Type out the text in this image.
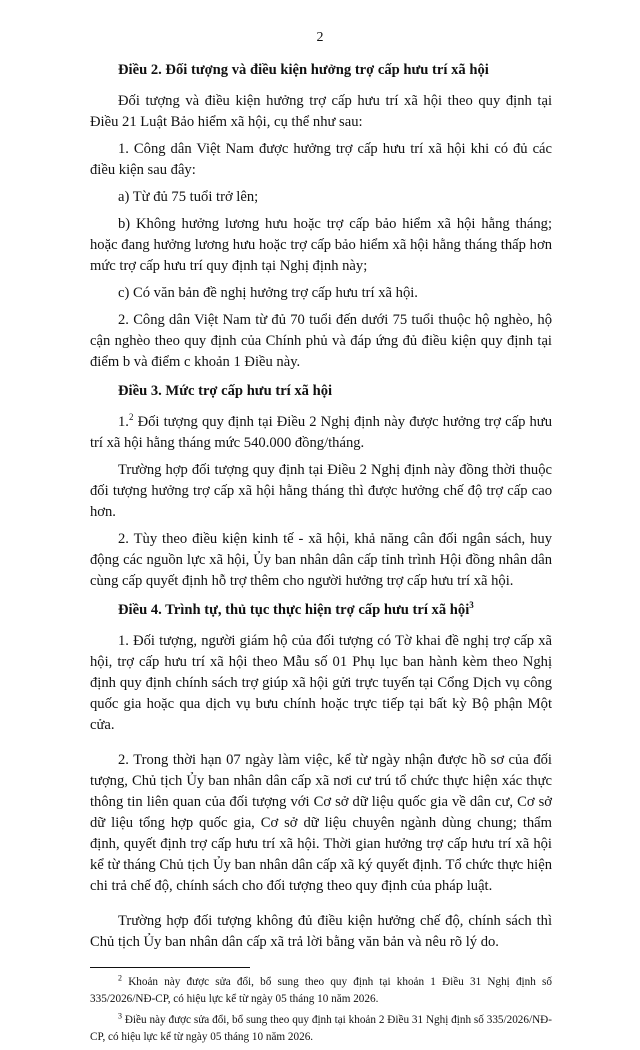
2

Điều 2. Đối tượng và điều kiện hưởng trợ cấp hưu trí xã hội

Đối tượng và điều kiện hưởng trợ cấp hưu trí xã hội theo quy định tại Điều 21 Luật Bảo hiểm xã hội, cụ thể như sau:

1. Công dân Việt Nam được hưởng trợ cấp hưu trí xã hội khi có đủ các điều kiện sau đây:

a) Từ đủ 75 tuổi trở lên;

b) Không hưởng lương hưu hoặc trợ cấp bảo hiểm xã hội hằng tháng; hoặc đang hưởng lương hưu hoặc trợ cấp bảo hiểm xã hội hằng tháng thấp hơn mức trợ cấp hưu trí quy định tại Nghị định này;

c) Có văn bản đề nghị hưởng trợ cấp hưu trí xã hội.

2. Công dân Việt Nam từ đủ 70 tuổi đến dưới 75 tuổi thuộc hộ nghèo, hộ cận nghèo theo quy định của Chính phủ và đáp ứng đủ điều kiện quy định tại điểm b và điểm c khoản 1 Điều này.

Điều 3. Mức trợ cấp hưu trí xã hội

1.$^2$ Đối tượng quy định tại Điều 2 Nghị định này được hưởng trợ cấp hưu trí xã hội hằng tháng mức 540.000 đồng/tháng.

Trường hợp đối tượng quy định tại Điều 2 Nghị định này đồng thời thuộc đối tượng hưởng trợ cấp xã hội hằng tháng thì được hưởng chế độ trợ cấp cao hơn.

2. Tùy theo điều kiện kinh tế - xã hội, khả năng cân đối ngân sách, huy động các nguồn lực xã hội, Ủy ban nhân dân cấp tỉnh trình Hội đồng nhân dân cùng cấp quyết định hỗ trợ thêm cho người hưởng trợ cấp hưu trí xã hội.

Điều 4. Trình tự, thủ tục thực hiện trợ cấp hưu trí xã hội$^3$

1. Đối tượng, người giám hộ của đối tượng có Tờ khai đề nghị trợ cấp xã hội, trợ cấp hưu trí xã hội theo Mẫu số 01 Phụ lục ban hành kèm theo Nghị định quy định chính sách trợ giúp xã hội gửi trực tuyến tại Cổng Dịch vụ công quốc gia hoặc qua dịch vụ bưu chính hoặc trực tiếp tại bất kỳ Bộ phận Một cửa.

2. Trong thời hạn 07 ngày làm việc, kể từ ngày nhận được hồ sơ của đối tượng, Chủ tịch Ủy ban nhân dân cấp xã nơi cư trú tổ chức thực hiện xác thực thông tin liên quan của đối tượng với Cơ sở dữ liệu quốc gia về dân cư, Cơ sở dữ liệu tổng hợp quốc gia, Cơ sở dữ liệu chuyên ngành dùng chung; thẩm định, quyết định trợ cấp hưu trí xã hội. Thời gian hưởng trợ cấp hưu trí xã hội kể từ tháng Chủ tịch Ủy ban nhân dân cấp xã ký quyết định. Tổ chức thực hiện chi trả chế độ, chính sách cho đối tượng theo quy định của pháp luật.

Trường hợp đối tượng không đủ điều kiện hưởng chế độ, chính sách thì Chủ tịch Ủy ban nhân dân cấp xã trả lời bằng văn bản và nêu rõ lý do.

$^2$ Khoản này được sửa đổi, bổ sung theo quy định tại khoản 1 Điều 31 Nghị định số 335/2026/NĐ-CP, có hiệu lực kể từ ngày 05 tháng 10 năm 2026.

$^3$ Điều này được sửa đổi, bổ sung theo quy định tại khoản 2 Điều 31 Nghị định số 335/2026/NĐ-CP, có hiệu lực kể từ ngày 05 tháng 10 năm 2026.
